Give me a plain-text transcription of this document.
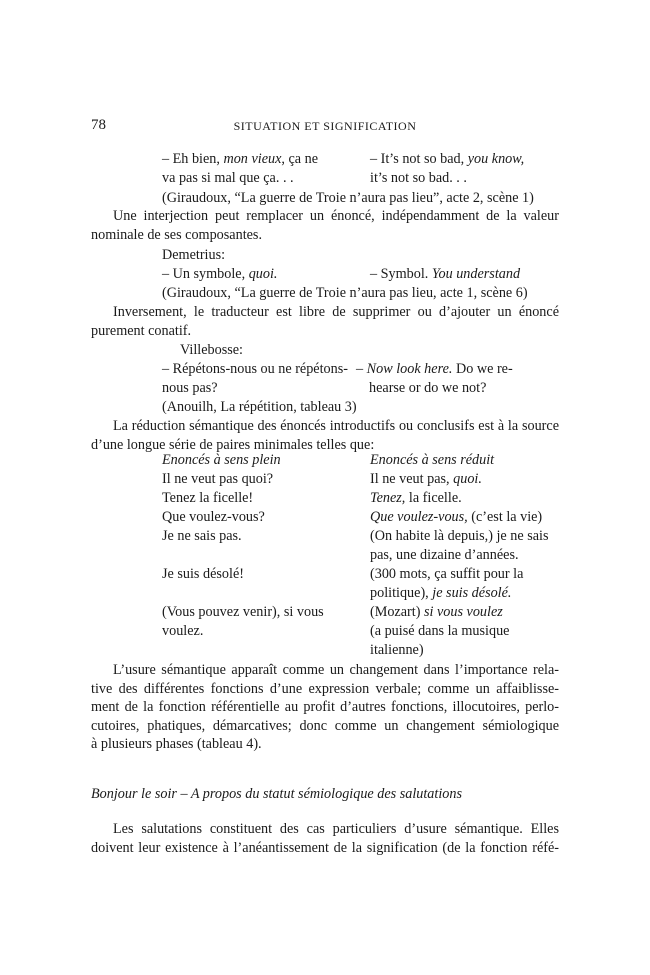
78	SITUATION ET SIGNIFICATION
– Eh bien, mon vieux, ça ne	– It’s not so bad, you know,
va pas si mal que ça. . .	it’s not so bad. . .
(Giraudoux, “La guerre de Troie n’aura pas lieu”, acte 2, scène 1)
Une interjection peut remplacer un énoncé, indépendamment de la valeur
nominale de ses composantes.
Demetrius:
– Un symbole, quoi.	– Symbol. You understand
(Giraudoux, “La guerre de Troie n’aura pas lieu, acte 1, scène 6)
Inversement, le traducteur est libre de supprimer ou d’ajouter un énoncé
purement conatif.
Villebosse:
– Répétons-nous ou ne répétons- – Now look here. Do we re-
nous pas?	hearse or do we not?
(Anouilh, La répétition, tableau 3)
La réduction sémantique des énoncés introductifs ou conclusifs est à la source
d’une longue série de paires minimales telles que:
Enoncés à sens plein	Enoncés à sens réduit
Il ne veut pas quoi?	Il ne veut pas, quoi.
Tenez la ficelle!	Tenez, la ficelle.
Que voulez-vous?	Que voulez-vous, (c’est la vie)
Je ne sais pas.	(On habite là depuis,) je ne sais
pas, une dizaine d’années.
Je suis désolé!	(300 mots, ça suffit pour la
politique), je suis désolé.
(Vous pouvez venir), si vous	(Mozart) si vous voulez
voulez.	(a puisé dans la musique
italienne)
L’usure sémantique apparaît comme un changement dans l’importance rela-
tive des différentes fonctions d’une expression verbale; comme un affaiblisse-
ment de la fonction référentielle au profit d’autres fonctions, illocutoires, perlo-
cutoires, phatiques, démarcatives; donc comme un changement sémiologique
à plusieurs phases (tableau 4).
Bonjour le soir – A propos du statut sémiologique des salutations
Les salutations constituent des cas particuliers d’usure sémantique. Elles
doivent leur existence à l’anéantissement de la signification (de la fonction réfé-
